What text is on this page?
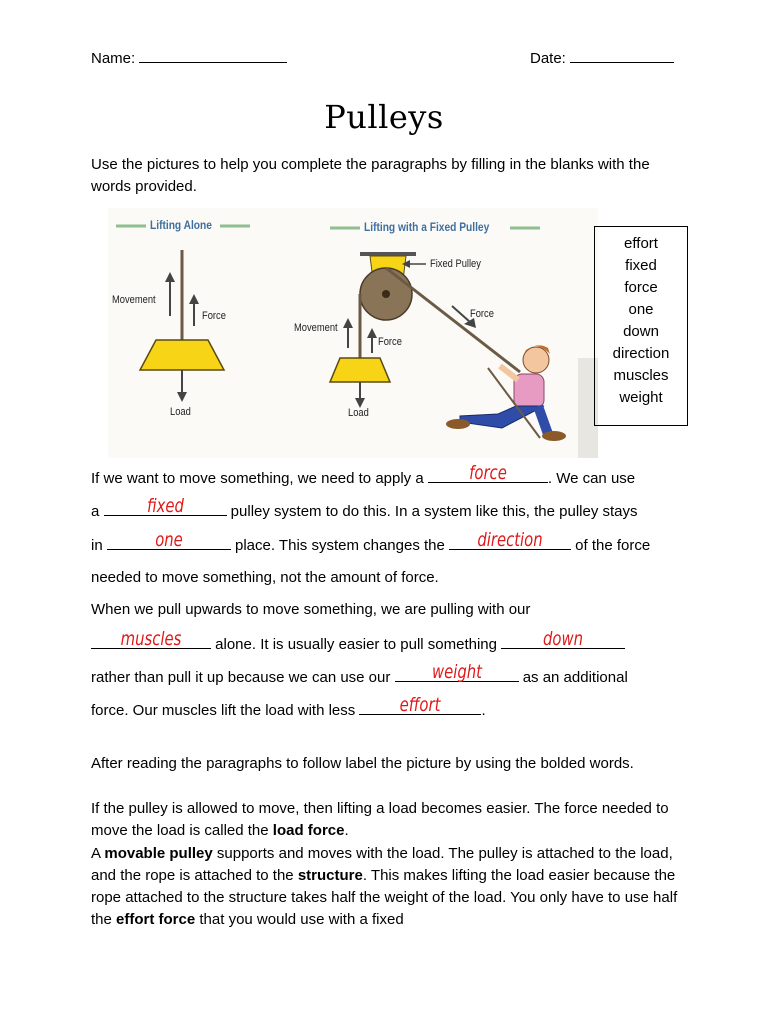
Name:	Date:
Pulleys
Use the pictures to help you complete the paragraphs by filling in the blanks with the words provided.
Lifting Alone	Lifting with a Fixed Pulley
Movement
Force
Load
Fixed Pulley
Force
Movement
Force
Load
effort
fixed
force
one
down
direction
muscles
weight
If we want to move something, we need to apply a	force	. We can use
a	fixed	pulley system to do this. In a system like this, the pulley stays
in	one	place. This system changes the	direction	of the force
needed to move something, not the amount of force.
When we pull upwards to move something, we are pulling with our
muscles	alone. It is usually easier to pull something	down
rather than pull it up because we can use our	weight	as an additional
force. Our muscles lift the load with less	effort	.
After reading the paragraphs to follow label the picture by using the bolded words.
If the pulley is allowed to move, then lifting a load becomes easier. The force needed to move the load is called the load force.
A movable pulley supports and moves with the load. The pulley is attached to the load, and the rope is attached to the structure. This makes lifting the load easier because the rope attached to the structure takes half the weight of the load. You only have to use half the effort force that you would use with a fixed
